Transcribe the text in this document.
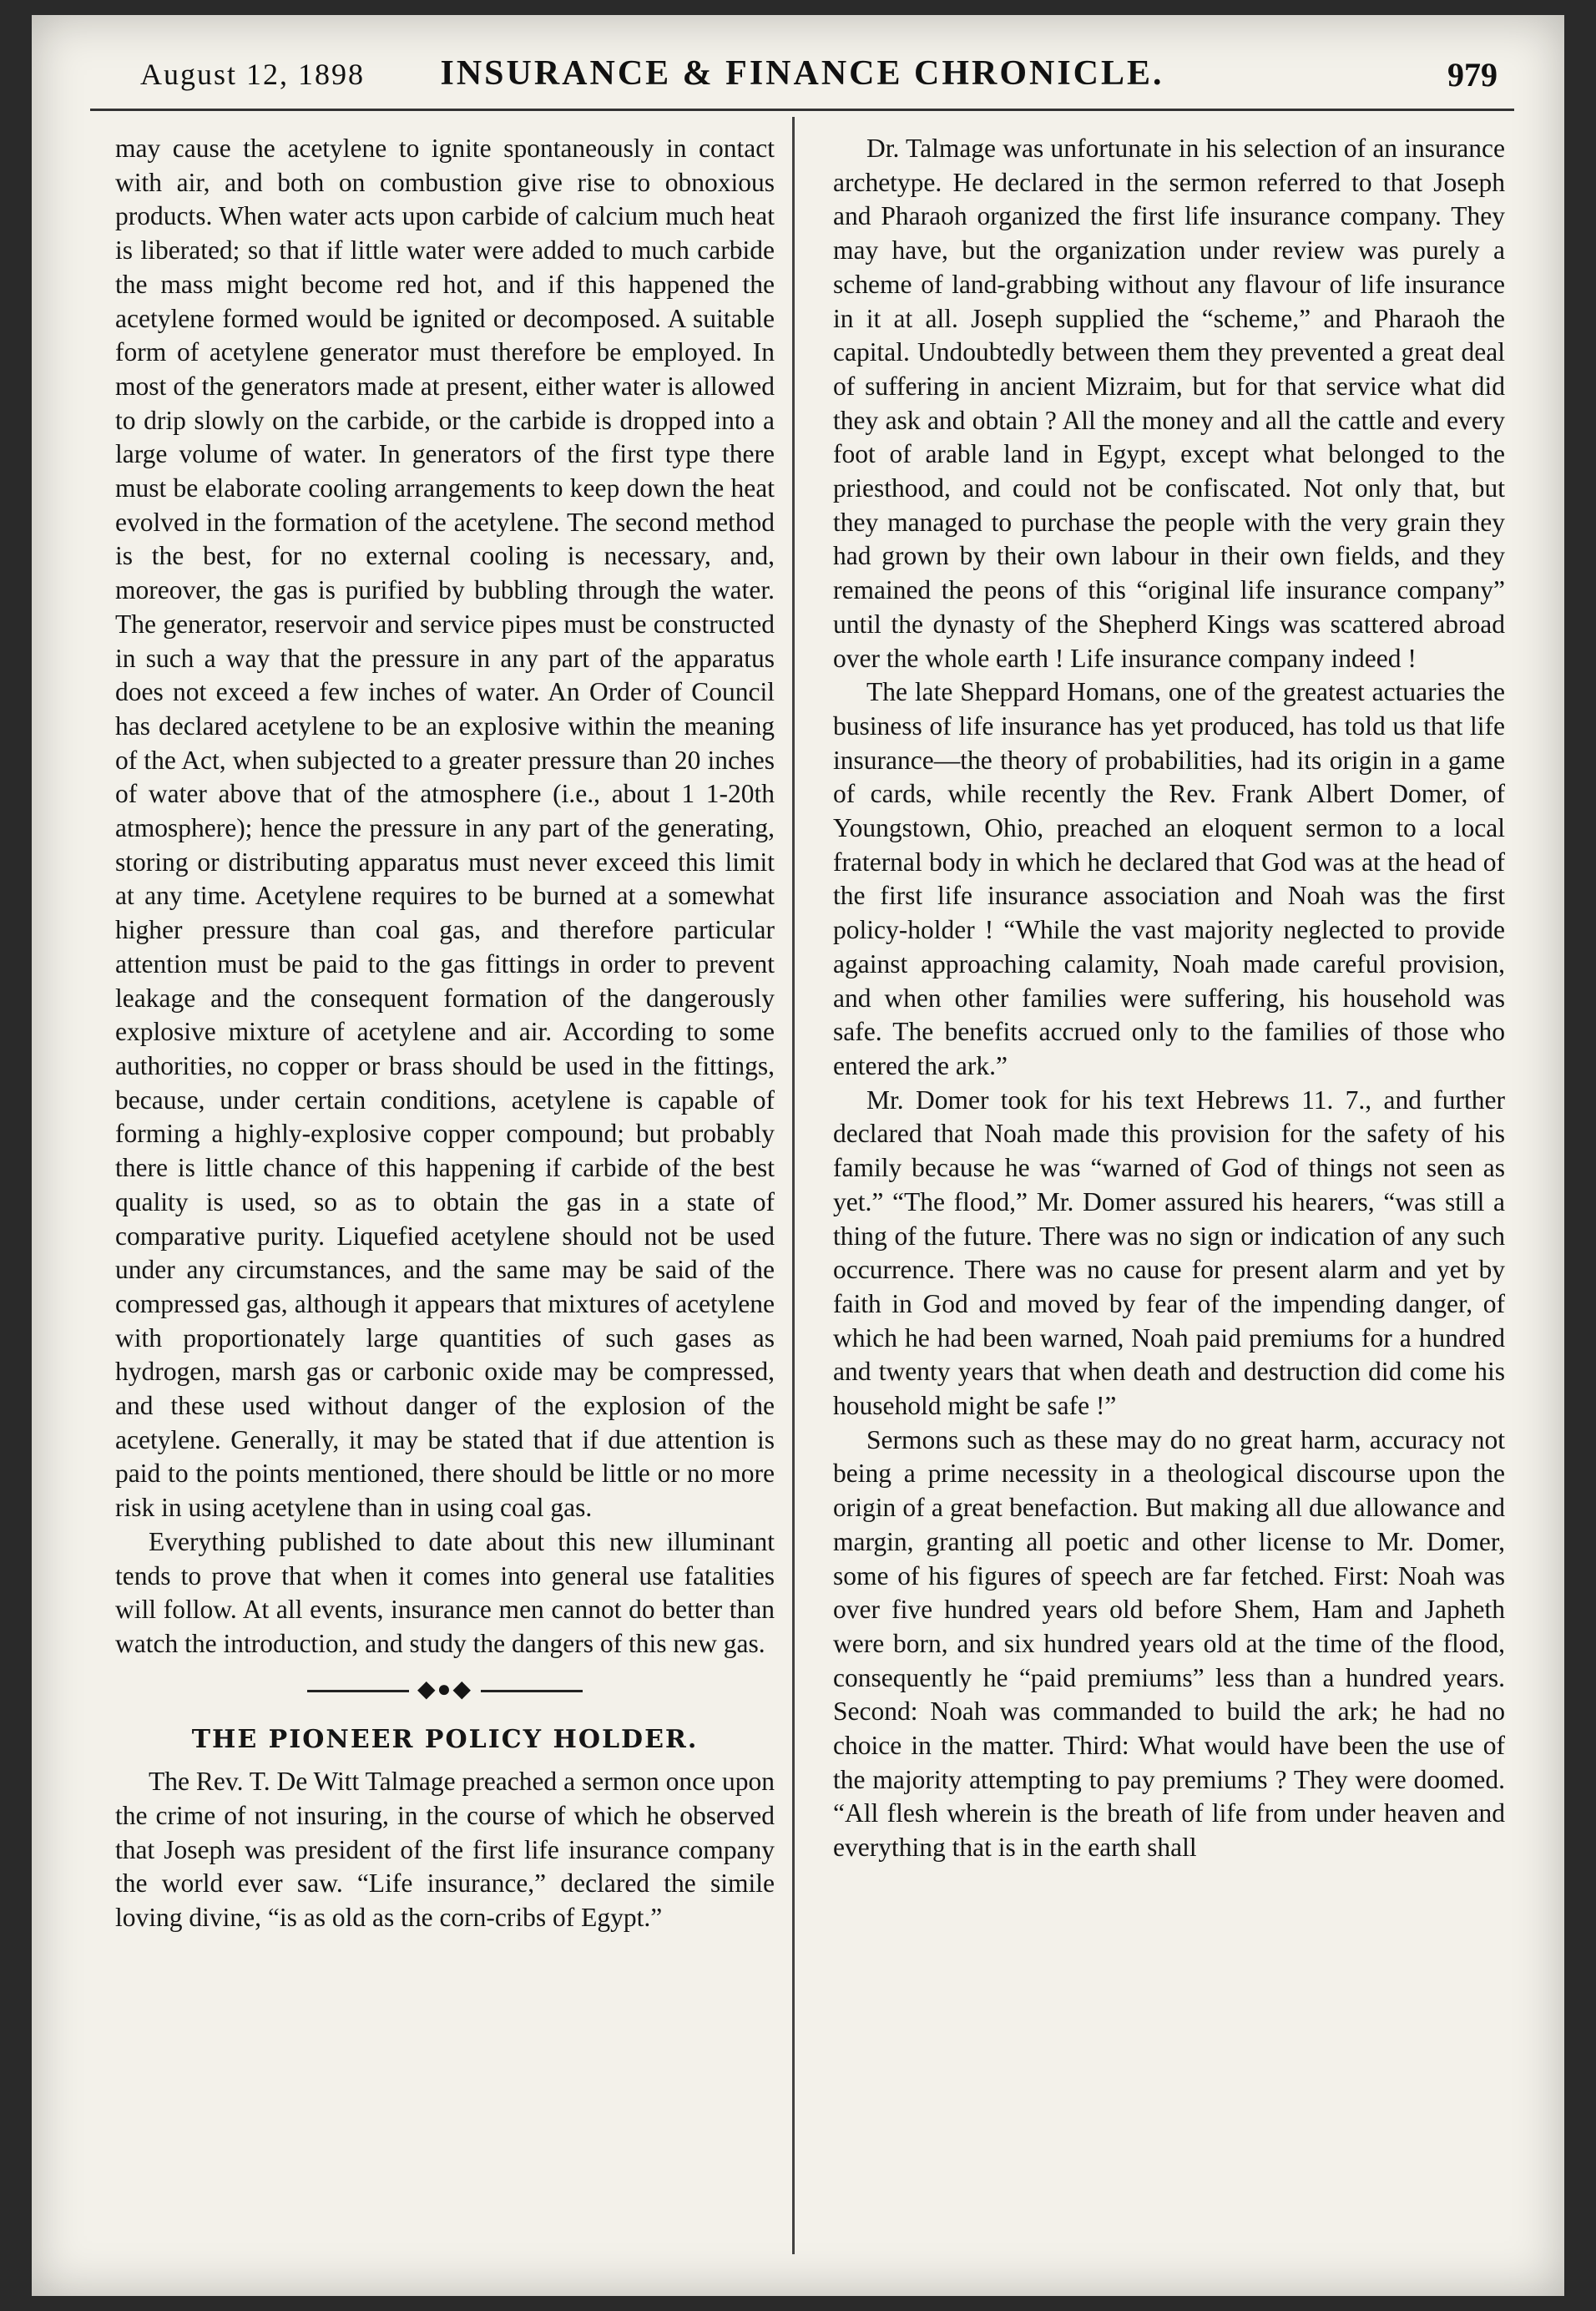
August 12, 1898	INSURANCE & FINANCE CHRONICLE.	979

may cause the acetylene to ignite spontaneously in contact with air, and both on combustion give rise to obnoxious products. When water acts upon carbide of calcium much heat is liberated; so that if little water were added to much carbide the mass might become red hot, and if this happened the acetylene formed would be ignited or decomposed. A suitable form of acetylene generator must therefore be employed. In most of the generators made at present, either water is allowed to drip slowly on the carbide, or the carbide is dropped into a large volume of water. In generators of the first type there must be elaborate cooling arrangements to keep down the heat evolved in the formation of the acetylene. The second method is the best, for no external cooling is necessary, and, moreover, the gas is purified by bubbling through the water. The generator, reservoir and service pipes must be constructed in such a way that the pressure in any part of the apparatus does not exceed a few inches of water. An Order of Council has declared acetylene to be an explosive within the meaning of the Act, when subjected to a greater pressure than 20 inches of water above that of the atmosphere (i.e., about 1 1-20th atmosphere); hence the pressure in any part of the generating, storing or distributing apparatus must never exceed this limit at any time. Acetylene requires to be burned at a somewhat higher pressure than coal gas, and therefore particular attention must be paid to the gas fittings in order to prevent leakage and the consequent formation of the dangerously explosive mixture of acetylene and air. According to some authorities, no copper or brass should be used in the fittings, because, under certain conditions, acetylene is capable of forming a highly-explosive copper compound; but probably there is little chance of this happening if carbide of the best quality is used, so as to obtain the gas in a state of comparative purity. Liquefied acetylene should not be used under any circumstances, and the same may be said of the compressed gas, although it appears that mixtures of acetylene with proportionately large quantities of such gases as hydrogen, marsh gas or carbonic oxide may be compressed, and these used without danger of the explosion of the acetylene. Generally, it may be stated that if due attention is paid to the points mentioned, there should be little or no more risk in using acetylene than in using coal gas.

Everything published to date about this new illuminant tends to prove that when it comes into general use fatalities will follow. At all events, insurance men cannot do better than watch the introduction, and study the dangers of this new gas.

◆●◆
THE PIONEER POLICY HOLDER.

The Rev. T. De Witt Talmage preached a sermon once upon the crime of not insuring, in the course of which he observed that Joseph was president of the first life insurance company the world ever saw. “Life insurance,” declared the simile loving divine, “is as old as the corn-cribs of Egypt.”

Dr. Talmage was unfortunate in his selection of an insurance archetype. He declared in the sermon referred to that Joseph and Pharaoh organized the first life insurance company. They may have, but the organization under review was purely a scheme of land-grabbing without any flavour of life insurance in it at all. Joseph supplied the “scheme,” and Pharaoh the capital. Undoubtedly between them they prevented a great deal of suffering in ancient Mizraim, but for that service what did they ask and obtain ? All the money and all the cattle and every foot of arable land in Egypt, except what belonged to the priesthood, and could not be confiscated. Not only that, but they managed to purchase the people with the very grain they had grown by their own labour in their own fields, and they remained the peons of this “original life insurance company” until the dynasty of the Shepherd Kings was scattered abroad over the whole earth ! Life insurance company indeed !

The late Sheppard Homans, one of the greatest actuaries the business of life insurance has yet produced, has told us that life insurance—the theory of probabilities, had its origin in a game of cards, while recently the Rev. Frank Albert Domer, of Youngstown, Ohio, preached an eloquent sermon to a local fraternal body in which he declared that God was at the head of the first life insurance association and Noah was the first policy-holder ! “While the vast majority neglected to provide against approaching calamity, Noah made careful provision, and when other families were suffering, his household was safe. The benefits accrued only to the families of those who entered the ark.”

Mr. Domer took for his text Hebrews 11. 7., and further declared that Noah made this provision for the safety of his family because he was “warned of God of things not seen as yet.” “The flood,” Mr. Domer assured his hearers, “was still a thing of the future. There was no sign or indication of any such occurrence. There was no cause for present alarm and yet by faith in God and moved by fear of the impending danger, of which he had been warned, Noah paid premiums for a hundred and twenty years that when death and destruction did come his household might be safe !”

Sermons such as these may do no great harm, accuracy not being a prime necessity in a theological discourse upon the origin of a great benefaction. But making all due allowance and margin, granting all poetic and other license to Mr. Domer, some of his figures of speech are far fetched. First: Noah was over five hundred years old before Shem, Ham and Japheth were born, and six hundred years old at the time of the flood, consequently he “paid premiums” less than a hundred years. Second: Noah was commanded to build the ark; he had no choice in the matter. Third: What would have been the use of the majority attempting to pay premiums ? They were doomed. “All flesh wherein is the breath of life from under heaven and everything that is in the earth shall
